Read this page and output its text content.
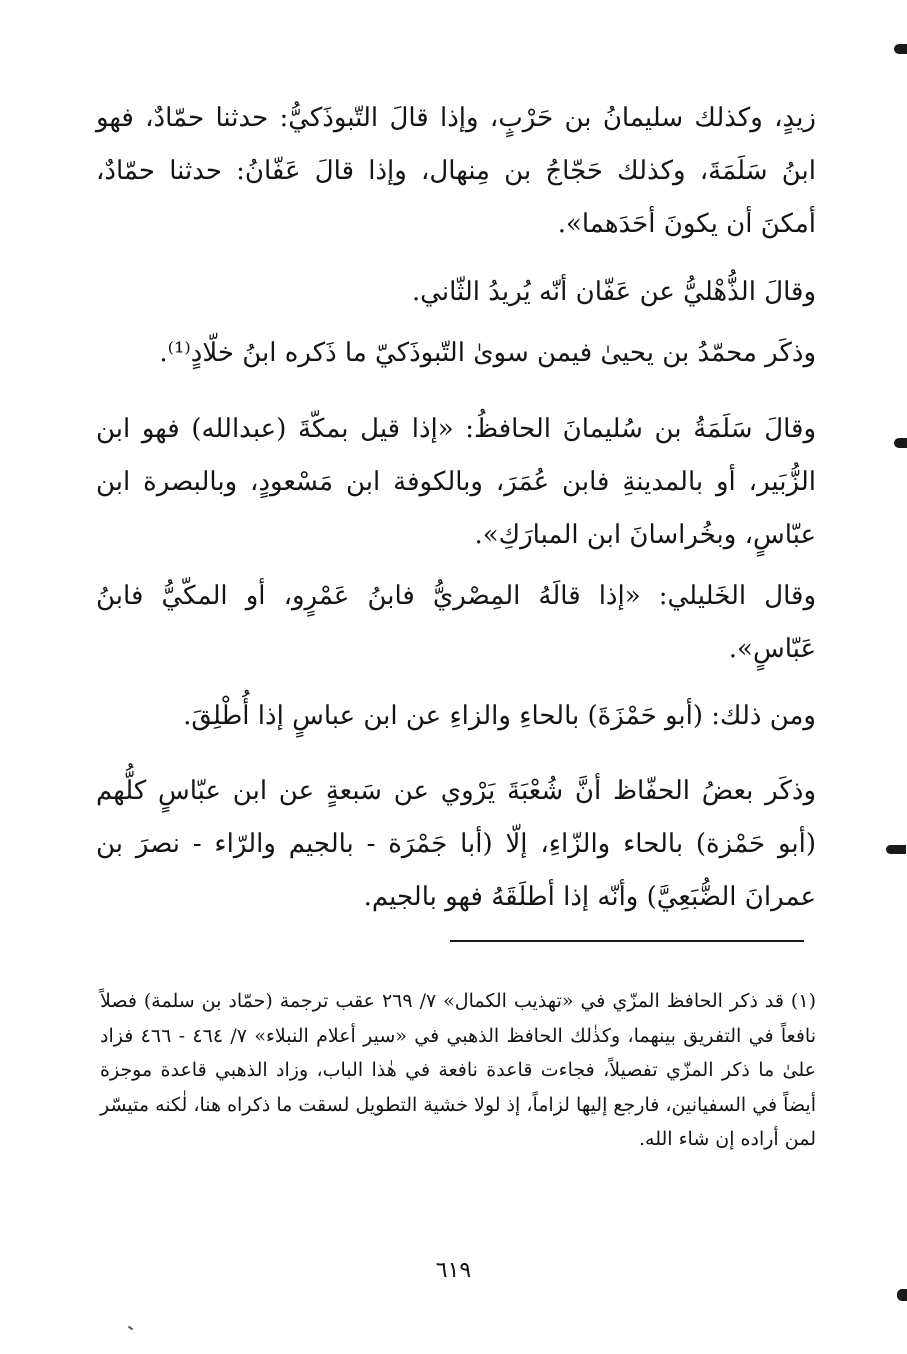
زيدٍ، وكذلك سليمانُ بن حَرْبٍ، وإذا قالَ التّبوذَكيُّ: حدثنا حمّادٌ، فهو ابنُ سَلَمَةَ، وكذلك حَجّاجُ بن مِنهال، وإذا قالَ عَفّانُ: حدثنا حمّادٌ، أمكنَ أن يكونَ أحَدَهما».

وقالَ الذُّهْليُّ عن عَفّان أنّه يُريدُ الثّاني.

وذكَر محمّدُ بن يحيىٰ فيمن سوىٰ التّبوذَكيّ ما ذَكره ابنُ خلّادٍ⁽¹⁾.

وقالَ سَلَمَةُ بن سُليمانَ الحافظُ: «إذا قيل بمكّةَ (عبدالله) فهو ابن الزُّبَير، أو بالمدينةِ فابن عُمَرَ، وبالكوفة ابن مَسْعودٍ، وبالبصرة ابن عبّاسٍ، وبخُراسانَ ابن المبارَكِ».

وقال الخَليلي: «إذا قالَهُ المِصْريُّ فابنُ عَمْرٍو، أو المكّيُّ فابنُ عَبّاسٍ».

ومن ذلك: (أبو حَمْزَةَ) بالحاءِ والزاءِ عن ابن عباسٍ إذا أُطْلِقَ.

وذكَر بعضُ الحفّاظ أنَّ شُعْبَةَ يَرْوي عن سَبعةٍ عن ابن عبّاسٍ كلُّهم (أبو حَمْزة) بالحاء والزّاءِ، إلّا (أبا جَمْرَة - بالجيم والرّاء - نصرَ بن عمرانَ الضُّبَعِيَّ) وأنّه إذا أطلَقَهُ فهو بالجيم.

(١) قد ذكر الحافظ المزّي في «تهذيب الكمال» ٧/ ٢٦٩ عقب ترجمة (حمّاد بن سلمة) فصلاً نافعاً في التفريق بينهما، وكذٰلك الحافظ الذهبي في «سير أعلام النبلاء» ٧/ ٤٦٤ - ٤٦٦ فزاد علىٰ ما ذكر المزّي تفصيلاً، فجاءت قاعدة نافعة في هٰذا الباب، وزاد الذهبي قاعدة موجزة أيضاً في السفيانين، فارجع إليها لزاماً، إذ لولا خشية التطويل لسقت ما ذكراه هنا، لٰكنه متيسّر لمن أراده إن شاء الله.

٦١٩
